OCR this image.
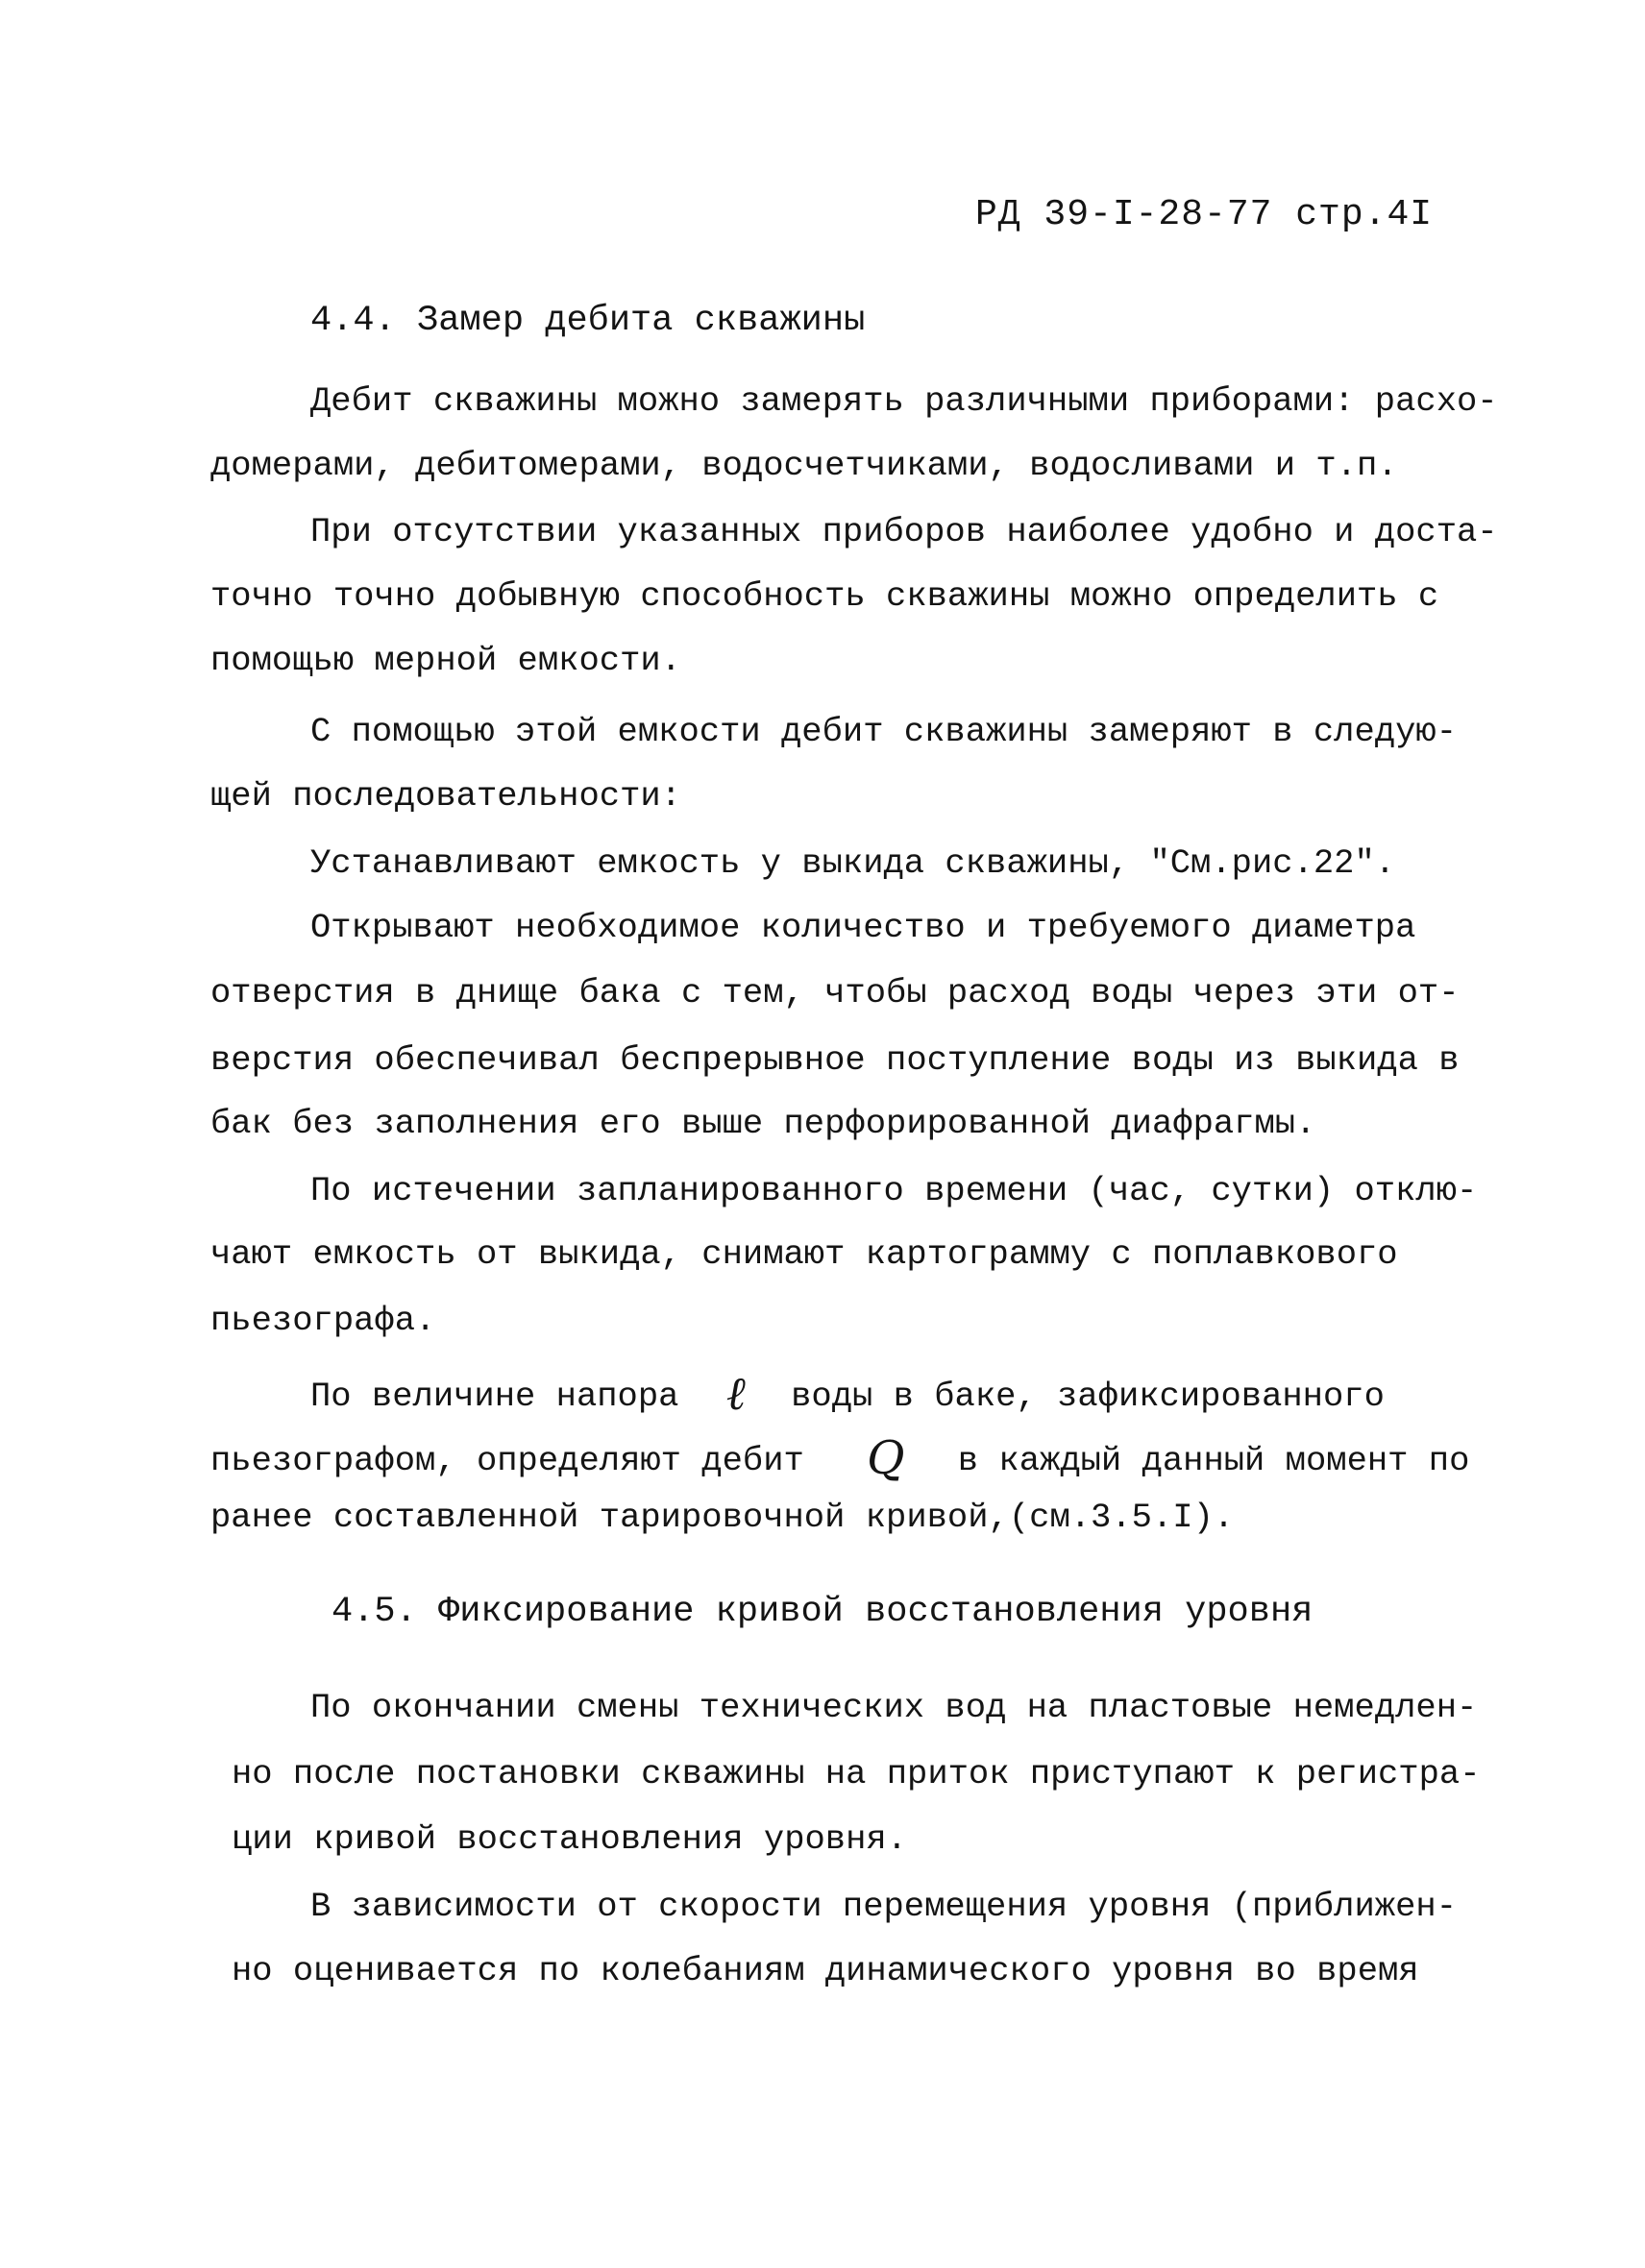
РД 39-I-28-77 стр.4I
4.4. Замер дебита скважины
Дебит скважины можно замерять различными приборами: расхо-
домерами, дебитомерами, водосчетчиками, водосливами и т.п.
При отсутствии указанных приборов наиболее удобно и доста-
точно точно добывную способность скважины можно определить с
помощью мерной емкости.
С помощью этой емкости дебит скважины замеряют в следую-
щей последовательности:
Устанавливают емкость у выкида скважины, "См.рис.22".
Открывают необходимое количество и требуемого диаметра
отверстия в днище бака с тем, чтобы расход воды через эти от-
верстия обеспечивал беспрерывное поступление воды из выкида в
бак без заполнения его выше перфорированной диафрагмы.
По истечении запланированного времени (час, сутки) отклю-
чают емкость от выкида, снимают картограмму с поплавкового
пьезографа.
По величине напора ℓ воды в баке, зафиксированного
пьезографом, определяют дебит Q в каждый данный момент по
ранее составленной тарировочной кривой,(см.3.5.I).
4.5. Фиксирование кривой восстановления уровня
По окончании смены технических вод на пластовые немедлен-
но после постановки скважины на приток приступают к регистра-
ции кривой восстановления уровня.
В зависимости от скорости перемещения уровня (приближен-
но оценивается по колебаниям динамического уровня во время
